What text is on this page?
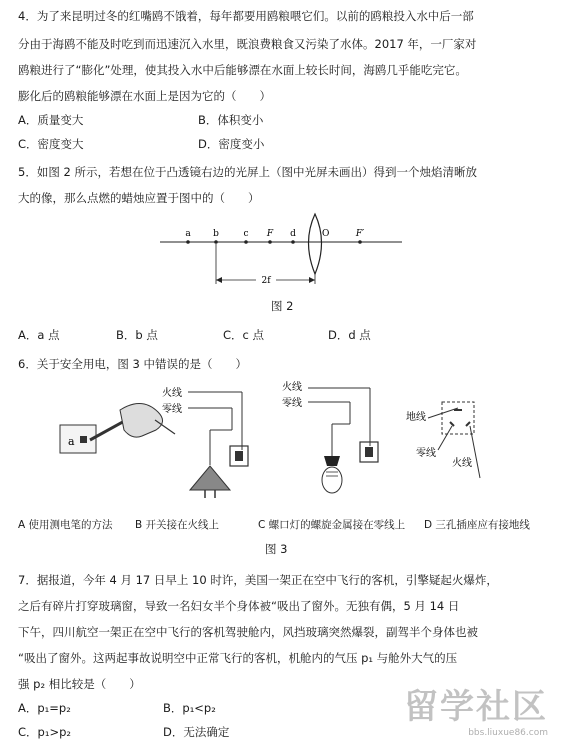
4．为了来昆明过冬的红嘴鸥不饿着，每年都要用鸥粮喂它们。以前的鸥粮投入水中后一部
分由于海鸥不能及时吃到而迅速沉入水里，既浪费粮食又污染了水体。2017 年，一厂家对
鸥粮进行了“膨化”处理，使其投入水中后能够漂在水面上较长时间，海鸥几乎能吃完它。
膨化后的鸥粮能够漂在水面上是因为它的（　　）
A．质量变大	B．体积变小
C．密度变大	D．密度变小
5．如图 2 所示，若想在位于凸透镜右边的光屏上（图中光屏未画出）得到一个烛焰清晰放
大的像，那么点燃的蜡烛应置于图中的（　　）
a b	c F d	O	F′
2f
图 2
A．a 点	B．b 点	C．c 点	D．d 点
6．关于安全用电，图 3 中错误的是（　　）
a
火线
零线
火线
零线
地线
零线
火线
A 使用测电笔的方法 B 开关接在火线上	C 螺口灯的螺旋金属接在零线上 D 三孔插座应有接地线
图 3
7．据报道，今年 4 月 17 日早上 10 时许，美国一架正在空中飞行的客机，引擎疑起火爆炸，
之后有碎片打穿玻璃窗，导致一名妇女半个身体被“吸出了窗外。无独有偶，5 月 14 日
下午，四川航空一架正在空中飞行的客机驾驶舱内，风挡玻璃突然爆裂，副驾半个身体也被
“吸出了窗外。这两起事故说明空中正常飞行的客机，机舱内的气压 p₁ 与舱外大气的压
强 p₂ 相比较是（　　）
A．p₁=p₂	B．p₁<p₂
C．p₁>p₂	D．无法确定
留学社区
bbs.liuxue86.com
